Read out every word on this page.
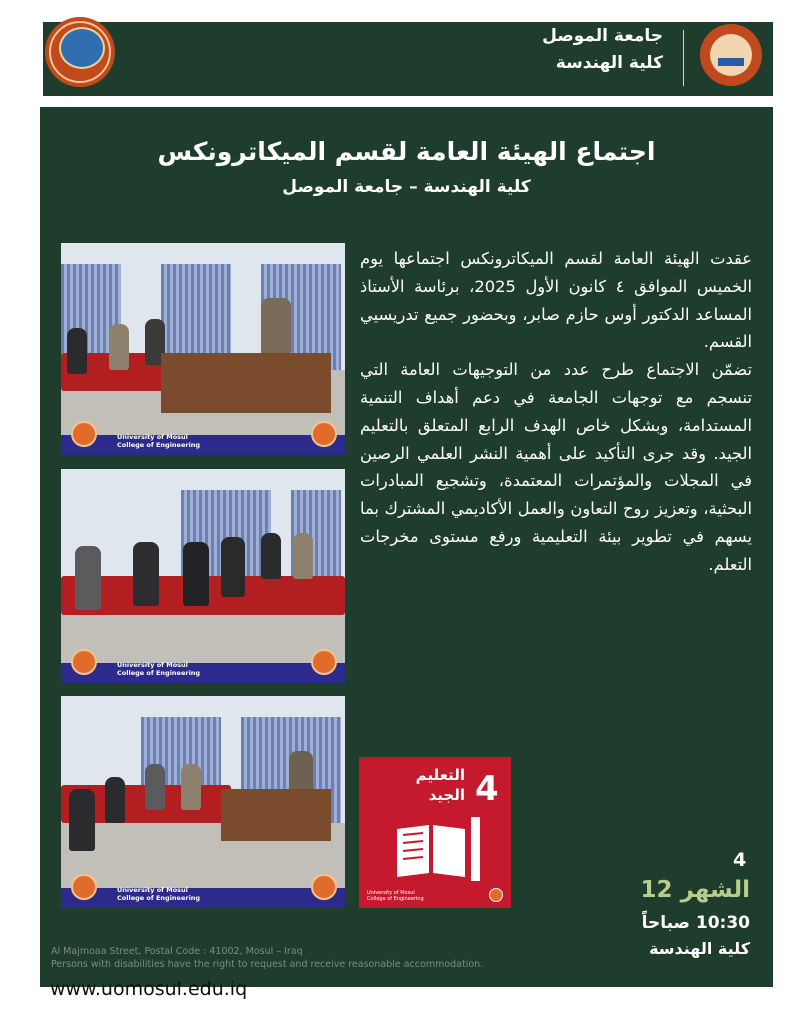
جامعة الموصل
كلية الهندسة
اجتماع الهيئة العامة لقسم الميكاترونكس
كلية الهندسة – جامعة الموصل

عقدت الهيئة العامة لقسم الميكاترونكس اجتماعها يوم الخميس الموافق ٤ كانون الأول 2025، برئاسة الأستاذ المساعد الدكتور أوس حازم صابر، وبحضور جميع تدريسيي القسم.

تضمّن الاجتماع طرح عدد من التوجيهات العامة التي تنسجم مع توجهات الجامعة في دعم أهداف التنمية المستدامة، وبشكل خاص الهدف الرابع المتعلق بالتعليم الجيد. وقد جرى التأكيد على أهمية النشر العلمي الرصين في المجلات والمؤتمرات المعتمدة، وتشجيع المبادرات البحثية، وتعزيز روح التعاون والعمل الأكاديمي المشترك بما يسهم في تطوير بيئة التعليمية ورفع مستوى مخرجات التعلم.

University of Mosul
College of Engineering
University of Mosul
College of Engineering
University of Mosul
College of Engineering
4
التعليم
الجيد
University of Mosul
College of Engineering
4
الشهر 12
10:30 صباحاً
كلية الهندسة
Al Majmoaa Street, Postal Code : 41002, Mosul – Iraq
Persons with disabilities have the right to request and receive reasonable accommodation.
www.uomosul.edu.iq
